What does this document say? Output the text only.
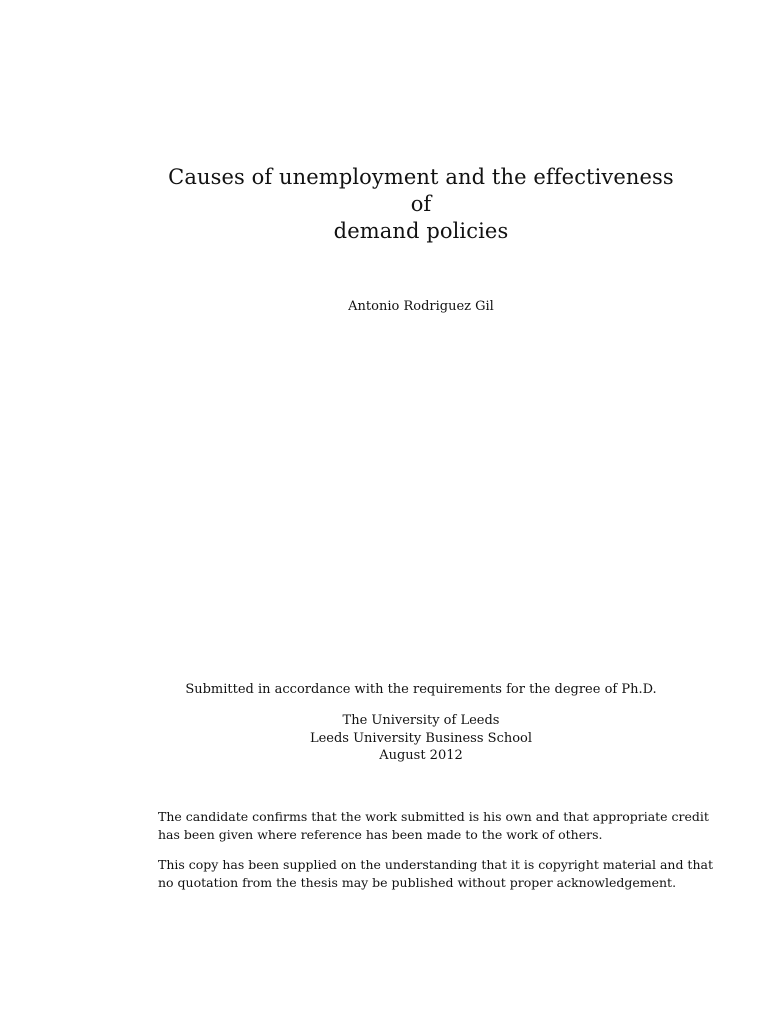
Causes of unemployment and the effectiveness of
demand policies
Antonio Rodriguez Gil
Submitted in accordance with the requirements for the degree of Ph.D.
The University of Leeds
Leeds University Business School
August 2012

The candidate confirms that the work submitted is his own and that appropriate credit
has been given where reference has been made to the work of others.

This copy has been supplied on the understanding that it is copyright material and that
no quotation from the thesis may be published without proper acknowledgement.
